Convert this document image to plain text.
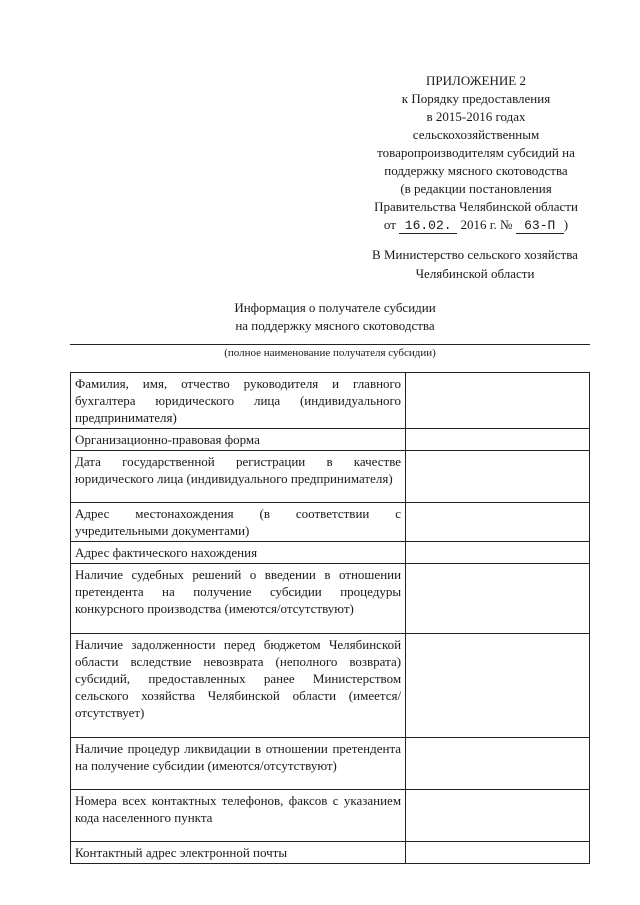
ПРИЛОЖЕНИЕ 2
к Порядку предоставления
в 2015-2016 годах
сельскохозяйственным
товаропроизводителям субсидий на
поддержку мясного скотоводства
(в редакции постановления
Правительства Челябинской области
от 16.02. 2016 г. № 63-П )
В Министерство сельского хозяйства
Челябинской области
Информация о получателе субсидии
на поддержку мясного скотоводства
(полное наименование получателя субсидии)
Фамилия, имя, отчество руководителя и главного бухгалтера юридического лица (индивидуального предпринимателя)	
Организационно-правовая форма	
Дата государственной регистрации в качестве юридического лица (индивидуального предпринимателя)	
Адрес местонахождения (в соответствии с учредительными документами)	
Адрес фактического нахождения	
Наличие судебных решений о введении в отношении претендента на получение субсидии процедуры конкурсного производства (имеются/отсутствуют)	
Наличие задолженности перед бюджетом Челябинской области вследствие невозврата (неполного возврата) субсидий, предоставленных ранее Министерством сельского хозяйства Челябинской области (имеется/отсутствует)	
Наличие процедур ликвидации в отношении претендента на получение субсидии (имеются/отсутствуют)	
Номера всех контактных телефонов, факсов с указанием кода населенного пункта	
Контактный адрес электронной почты	
